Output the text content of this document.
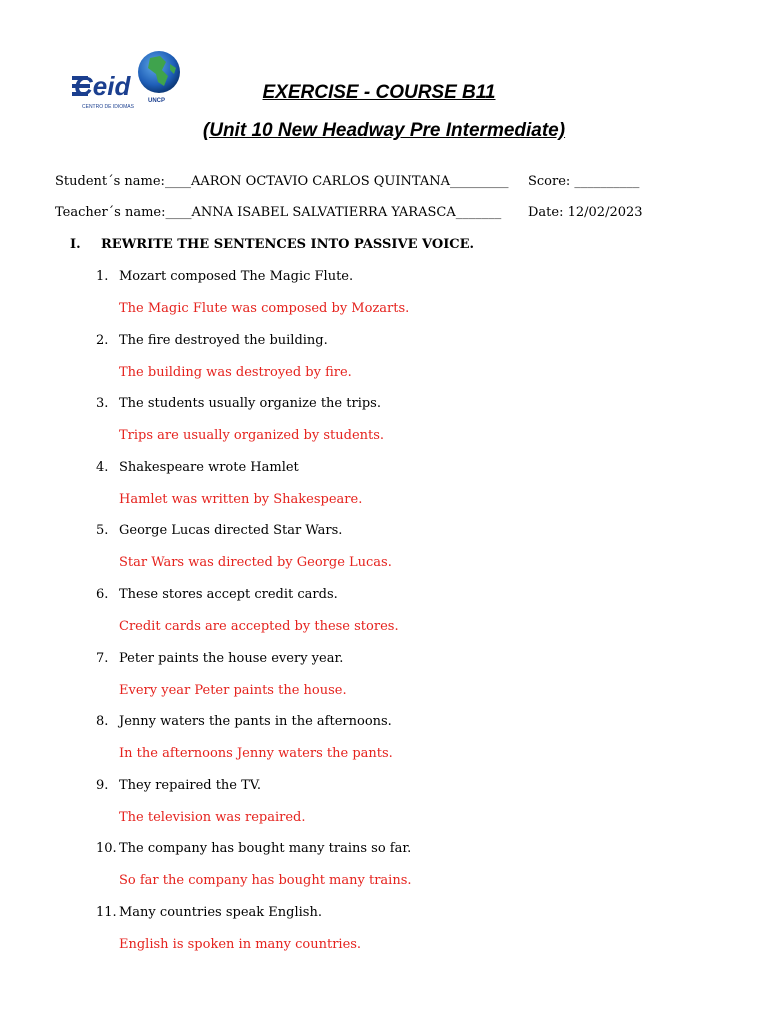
Ceid
CENTRO DE IDIOMAS
UNCP	EXERCISE - COURSE B11
(Unit 10 New Headway Pre Intermediate)
Student´s name:____AARON OCTAVIO CARLOS QUINTANA_________ Score: __________
Teacher´s name:____ANNA ISABEL SALVATIERRA YARASCA_______ Date: 12/02/2023
I. REWRITE THE SENTENCES INTO PASSIVE VOICE.
1. Mozart composed The Magic Flute.
The Magic Flute was composed by Mozarts.
2. The fire destroyed the building.
The building was destroyed by fire.
3. The students usually organize the trips.
Trips are usually organized by students.
4. Shakespeare wrote Hamlet
Hamlet was written by Shakespeare.
5. George Lucas directed Star Wars.
Star Wars was directed by George Lucas.
6. These stores accept credit cards.
Credit cards are accepted by these stores.
7. Peter paints the house every year.
Every year Peter paints the house.
8. Jenny waters the pants in the afternoons.
In the afternoons Jenny waters the pants.
9. They repaired the TV.
The television was repaired.
10. The company has bought many trains so far.
So far the company has bought many trains.
11. Many countries speak English.
English is spoken in many countries.
